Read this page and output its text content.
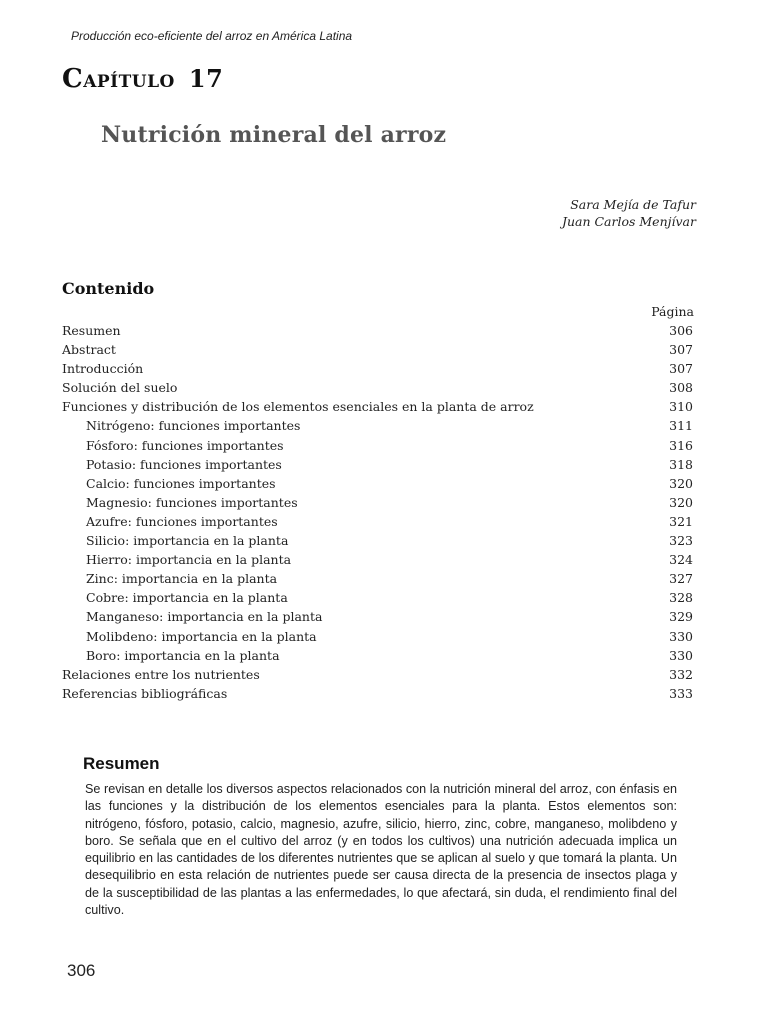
Producción eco-eficiente del arroz en América Latina
Capítulo 17
Nutrición mineral del arroz
Sara Mejía de Tafur
Juan Carlos Menjívar
Contenido
Página
Resumen	306
Abstract	307
Introducción	307
Solución del suelo	308
Funciones y distribución de los elementos esenciales en la planta de arroz	310
Nitrógeno: funciones importantes	311
Fósforo: funciones importantes	316
Potasio: funciones importantes	318
Calcio: funciones importantes	320
Magnesio: funciones importantes	320
Azufre: funciones importantes	321
Silicio: importancia en la planta	323
Hierro: importancia en la planta	324
Zinc: importancia en la planta	327
Cobre: importancia en la planta	328
Manganeso: importancia en la planta	329
Molibdeno: importancia en la planta	330
Boro: importancia en la planta	330
Relaciones entre los nutrientes	332
Referencias bibliográficas	333
Resumen

Se revisan en detalle los diversos aspectos relacionados con la nutrición mineral del arroz, con énfasis en las funciones y la distribución de los elementos esenciales para la planta. Estos elementos son: nitrógeno, fósforo, potasio, calcio, magnesio, azufre, silicio, hierro, zinc, cobre, manganeso, molibdeno y boro. Se señala que en el cultivo del arroz (y en todos los cultivos) una nutrición adecuada implica un equilibrio en las cantidades de los diferentes nutrientes que se aplican al suelo y que tomará la planta. Un desequilibrio en esta relación de nutrientes puede ser causa directa de la presencia de insectos plaga y de la susceptibilidad de las plantas a las enfermedades, lo que afectará, sin duda, el rendimiento final del cultivo.

306
